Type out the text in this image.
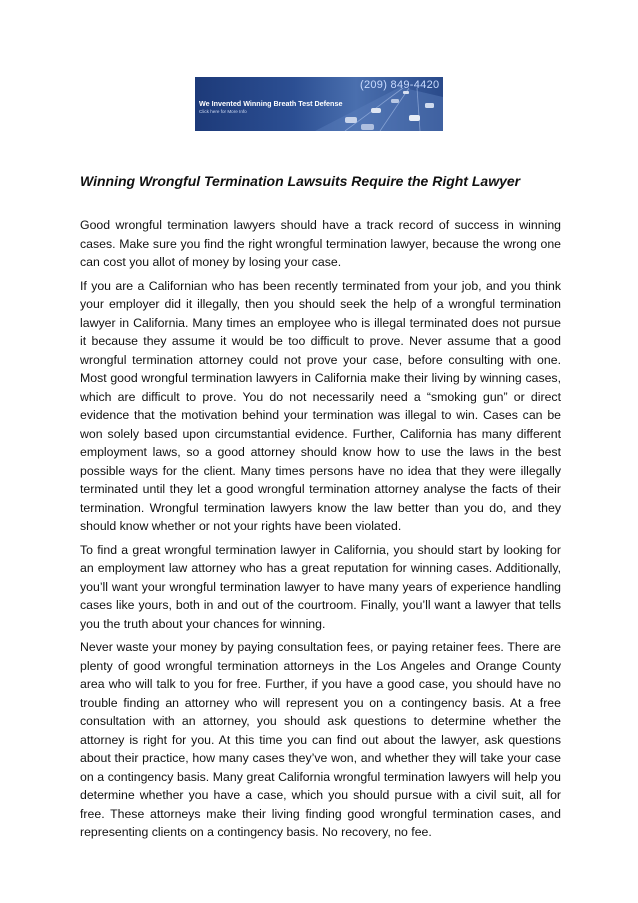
(209) 849-4420
We Invented Winning Breath Test Defense
Click here for More Info
Winning Wrongful Termination Lawsuits Require the Right Lawyer

Good wrongful termination lawyers should have a track record of success in winning cases. Make sure you find the right wrongful termination lawyer, because the wrong one can cost you allot of money by losing your case.

If you are a Californian who has been recently terminated from your job, and you think your employer did it illegally, then you should seek the help of a wrongful termination lawyer in California. Many times an employee who is illegal terminated does not pursue it because they assume it would be too difficult to prove. Never assume that a good wrongful termination attorney could not prove your case, before consulting with one. Most good wrongful termination lawyers in California make their living by winning cases, which are difficult to prove. You do not necessarily need a “smoking gun” or direct evidence that the motivation behind your termination was illegal to win. Cases can be won solely based upon circumstantial evidence. Further, California has many different employment laws, so a good attorney should know how to use the laws in the best possible ways for the client. Many times persons have no idea that they were illegally terminated until they let a good wrongful termination attorney analyse the facts of their termination. Wrongful termination lawyers know the law better than you do, and they should know whether or not your rights have been violated.

To find a great wrongful termination lawyer in California, you should start by looking for an employment law attorney who has a great reputation for winning cases. Additionally, you’ll want your wrongful termination lawyer to have many years of experience handling cases like yours, both in and out of the courtroom. Finally, you’ll want a lawyer that tells you the truth about your chances for winning.

Never waste your money by paying consultation fees, or paying retainer fees. There are plenty of good wrongful termination attorneys in the Los Angeles and Orange County area who will talk to you for free. Further, if you have a good case, you should have no trouble finding an attorney who will represent you on a contingency basis. At a free consultation with an attorney, you should ask questions to determine whether the attorney is right for you. At this time you can find out about the lawyer, ask questions about their practice, how many cases they’ve won, and whether they will take your case on a contingency basis. Many great California wrongful termination lawyers will help you determine whether you have a case, which you should pursue with a civil suit, all for free. These attorneys make their living finding good wrongful termination cases, and representing clients on a contingency basis. No recovery, no fee.
